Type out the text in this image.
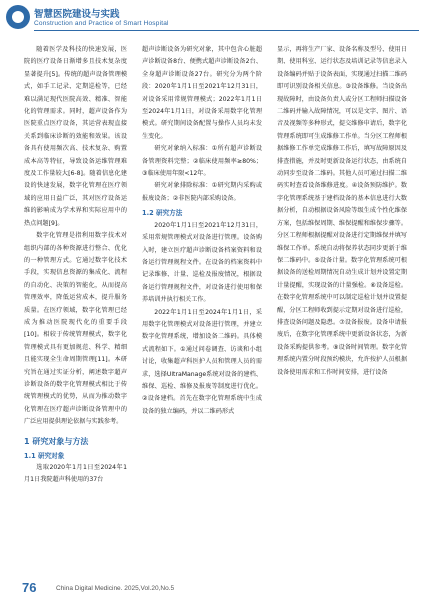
智慧医院建设与实践
Construction and Practice of Smart Hospital

随着医学及科技的快速发展，医院的医疗设备日渐增多且技术复杂度显著提升[5]。传统的超声设备管理模式，如手工记录、定期巡检等，已经难以满足现代医院高效、精准、智能化的管理需求。同时，超声设备作为医院重点医疗设备，其运营表现直接关系到临床诊断的效能和效果。该设备具有使用频次高、技术复杂、购置成本高等特征，导致设备运维管理难度及工作量较大[6-8]。随着信息化建设的快速发展，数字化管理在医疗领域的应用日益广泛，其对医疗设备运维的影响成为学术界和实际应用中的热点问题[9]。

数字化管理是指利用数字技术对组织内部的各种资源进行整合、优化的一种管理方式。它通过数字化技术手段，实现信息资源的集成化、流程的自动化、决策的智能化，从而提高管理效率，降低运营成本，提升服务质量。在医疗领域，数字化管理已经成为推动医院现代化的重要手段[10]。相较于传统管理模式，数字化管理模式具有更加规范、科学、精细且能实现全生命周期管理[11]。本研究旨在通过实证分析，阐述数字超声诊断设备的数字化管理模式相比于传统管理模式的优势，从而为推动数字化管理在医疗超声诊断设备管理中的广泛应用提供理论依据与实践参考。

1 研究对象与方法
1.1 研究对象

选取2020年1月1日至2024年1月1日我院超声科使用的37台

超声诊断设备为研究对象，其中包含心脏超声诊断设备8台、便携式超声诊断设备2台、全身超声诊断设备27台。研究分为两个阶段：2020年1月1日至2021年12月31日，对设备采用常规管理模式；2022年1月1日至2024年1月1日，对设备采用数字化管理模式。研究期间设备配置与操作人员均未发生变化。

研究对象纳入标准：①所有超声诊断设备管理资料完整；②临床使用频率≥80%；③临床使用年限<12年。

研究对象排除标准：①研究期内采购或报废设备；②非医院内部采购设备。

1.2 研究方法

2020年1月1日至2021年12月31日，采用常规管理模式对设备进行管理。设备购入时，建立医疗超声诊断设备档案资料和设备运行管理规程文件。在设备的档案资料中记录维修、计量、巡检及报废情况，根据设备运行管理规程文件，对设备进行使用和保养培训并执行相关工作。

2022年1月1日至2024年1月1日，采用数字化管理模式对设备进行管理，并建立数字化管理系统，增加设备二维码。具体模式流程如下。①通过问卷调查、访谈和小组讨论，收集超声科医护人员和管理人员的需求，选择UltraManage系统对设备的建档、维保、巡检、维修及报废等制度进行优化。②设备建档。首先在数字化管理系统中生成设备的独立编码，并以二维码形式

显示，再将生产厂家、设备名称及型号、使用日期、使用科室、运行状态及培训记录等信息录入设备编码并贴于设备表面，实现通过扫描二维码即可识别设备相关信息。③设备维修。当设备出现故障时，由设备负责人或分区工程师扫描设备二维码并输入故障情况，可以是文字、图片、语音及视频等多种形式，提交维修申请后，数字化管理系统即可生成维修工作单。当分区工程师根据维修工作单完成维修工作后，填写故障原因及排查措施，并及时更新设备运行状态，由系统自动同步至设备二维码。其他人员可通过扫描二维码实时查看设备维修进度。④设备预防维护。数字化管理系统基于建档设备的基本信息进行大数据分析，自动根据设备风险等级生成个性化维保方案，包括维保周期、维保提醒和维保步骤等。分区工程师根据提醒对设备进行定期维保并填写维保工作单。系统自动将保养状态同步更新于维保二维码中。⑤设备计量。数字化管理系统可根据设备的送检周期情况自动生成计划并设置定期计量提醒，实现设备的计量强检。⑥设备巡检。在数字化管理系统中可以制定巡检计划并设置提醒，分区工程师收到提示定期对设备进行巡检，排查设备问题及隐患。⑦设备报废。设备申请报废后，在数字化管理系统中更新设备状态，为新设备采购提供参考。⑧设备时间管理。数字化管理系统内置分时段预约模块，允许按护人员根据设备使用需求和工作时间安排，进行设备

76	China Digital Medicine. 2025,Vol.20,No.5
